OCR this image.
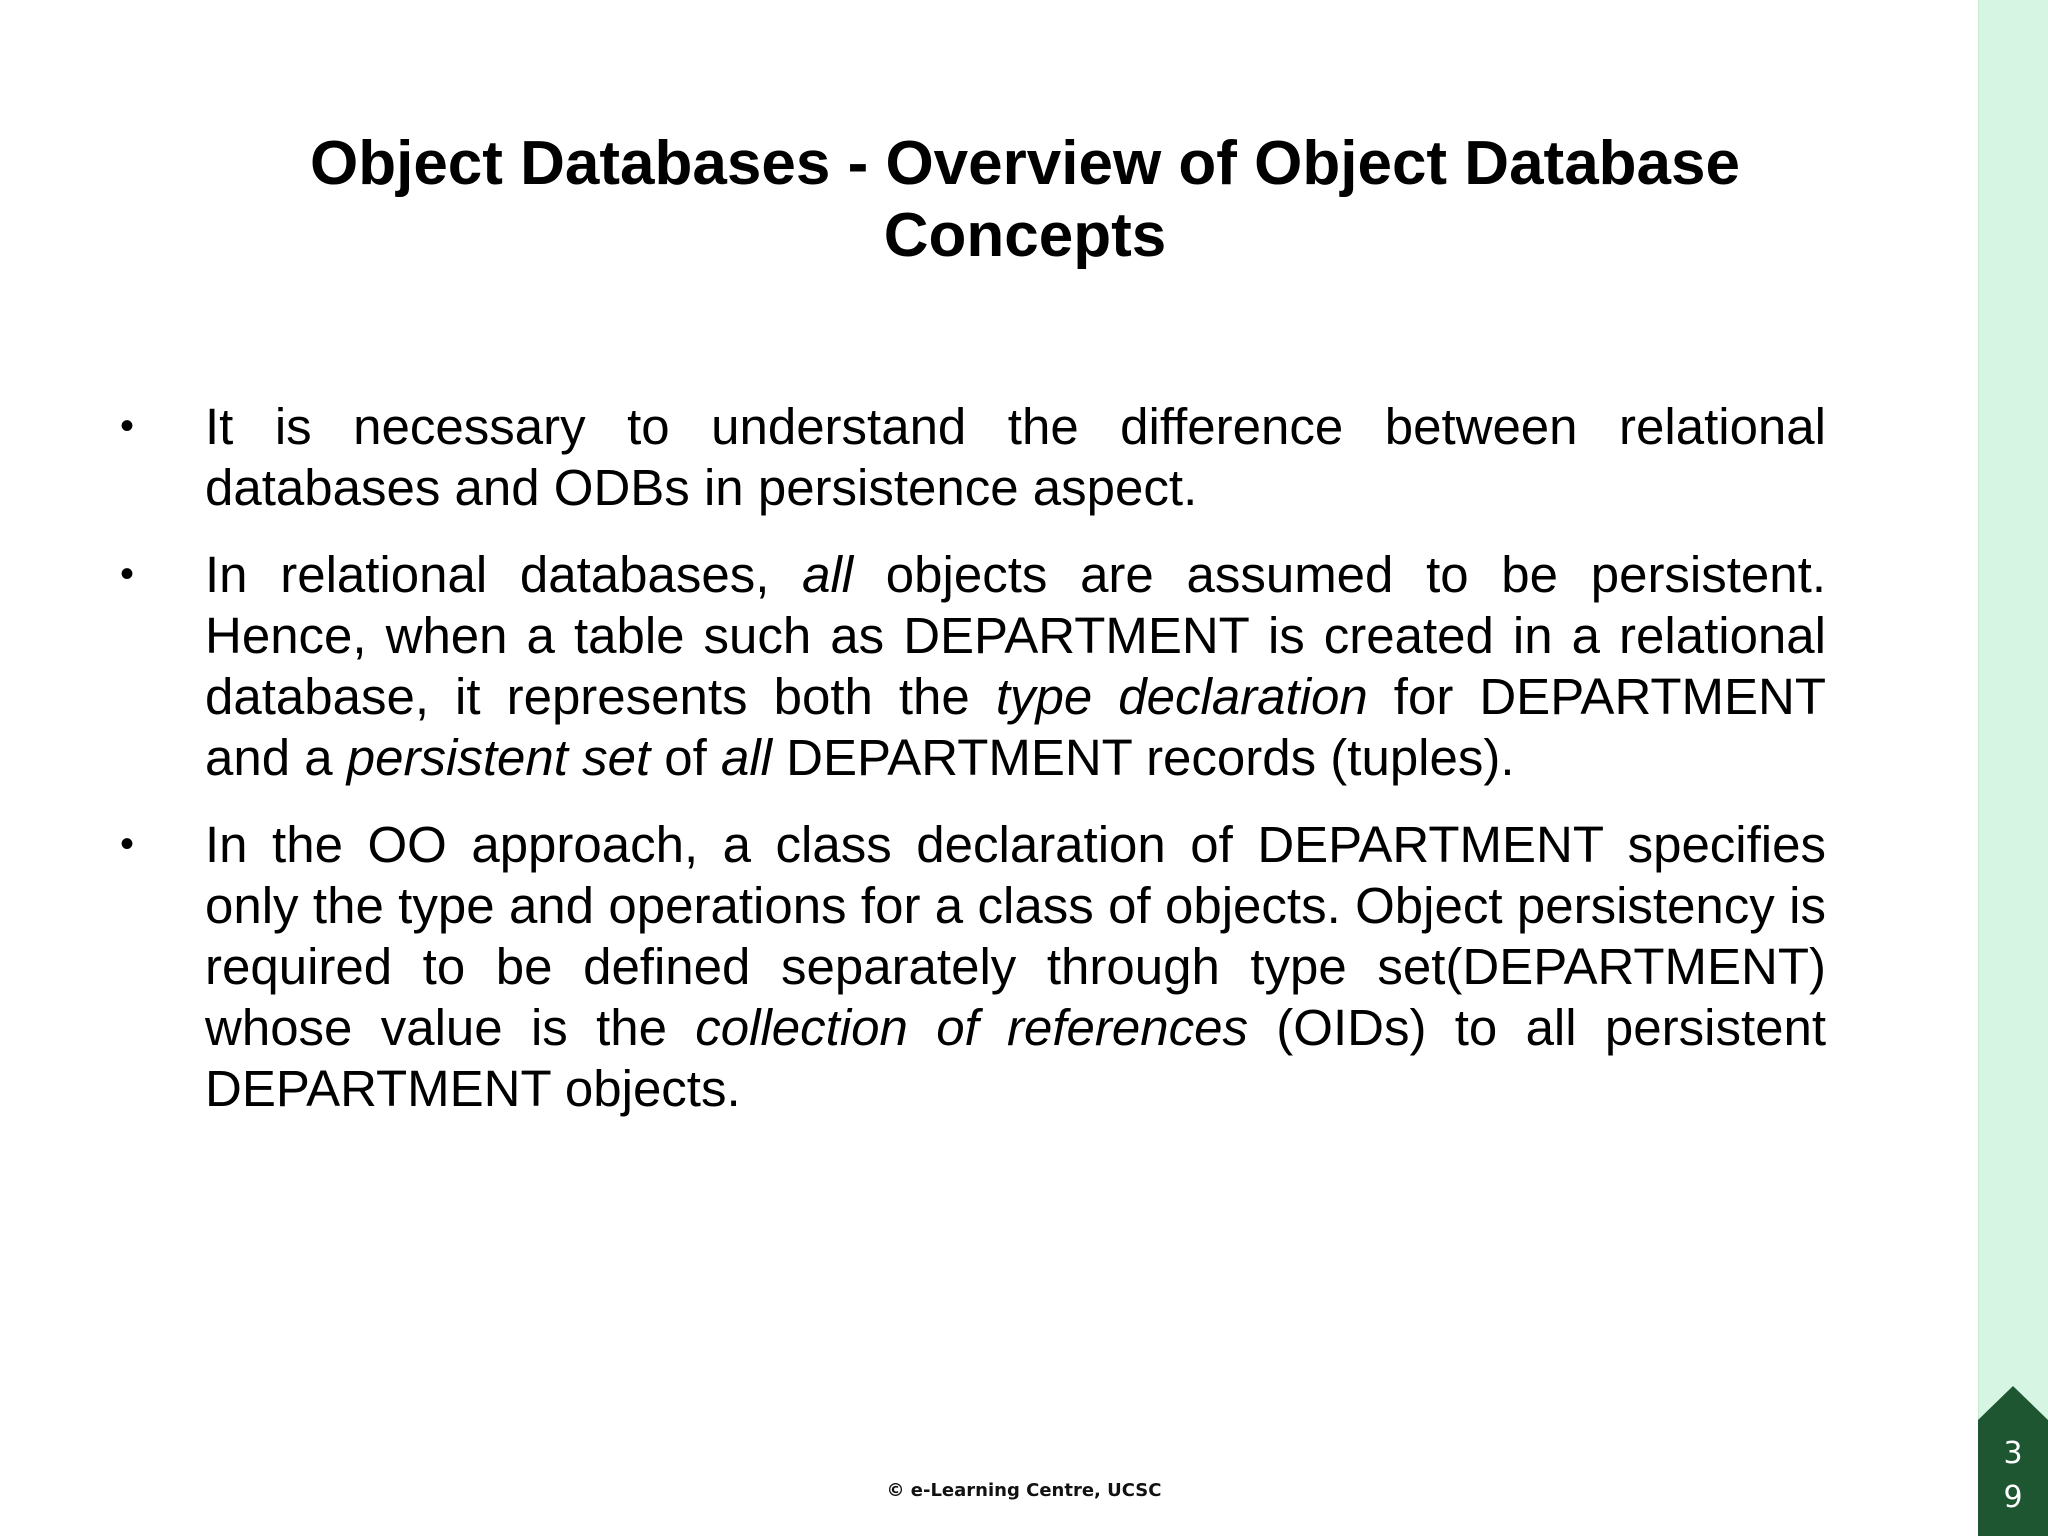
Object Databases - Overview of Object Database
Concepts
• It is necessary to understand the difference between relational databases and ODBs in persistence aspect.
• In relational databases, all objects are assumed to be persistent. Hence, when a table such as DEPARTMENT is created in a relational database, it represents both the type declaration for DEPARTMENT and a persistent set of all DEPARTMENT records (tuples).
• In the OO approach, a class declaration of DEPARTMENT specifies only the type and operations for a class of objects. Object persistency is required to be defined separately through type set(DEPARTMENT) whose value is the collection of references (OIDs) to all persistent DEPARTMENT objects.
© e-Learning Centre, UCSC
3
9
